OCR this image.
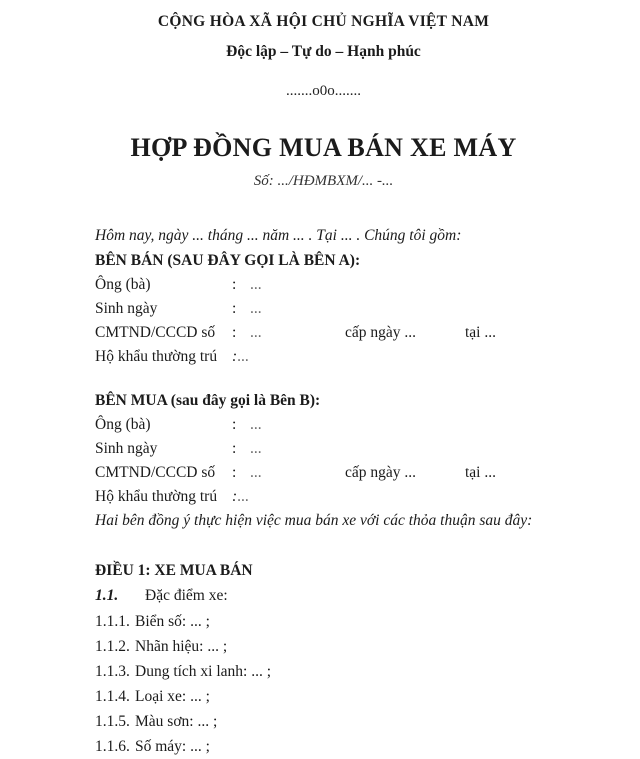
CỘNG HÒA XÃ HỘI CHỦ NGHĨA VIỆT NAM
Độc lập – Tự do – Hạnh phúc
.......o0o.......
HỢP ĐỒNG MUA BÁN XE MÁY
Số: .../HĐMBXM/... -...
Hôm nay, ngày ... tháng ... năm ... . Tại ... . Chúng tôi gồm:
BÊN BÁN (SAU ĐÂY GỌI LÀ BÊN A):
Ông (bà)	: ...
Sinh ngày	: ...
CMTND/CCCD số	: ...	cấp ngày ...	tại ...
Hộ khẩu thường trú : ...
BÊN MUA (sau đây gọi là Bên B):
Ông (bà)	: ...
Sinh ngày	: ...
CMTND/CCCD số	: ...	cấp ngày ...	tại ...
Hộ khẩu thường trú : ...
Hai bên đồng ý thực hiện việc mua bán xe với các thỏa thuận sau đây:
ĐIỀU 1: XE MUA BÁN
1.1.	Đặc điểm xe:
1.1.1. Biển số: ... ;
1.1.2. Nhãn hiệu: ... ;
1.1.3. Dung tích xi lanh: ... ;
1.1.4. Loại xe: ... ;
1.1.5. Màu sơn: ... ;
1.1.6. Số máy: ... ;
